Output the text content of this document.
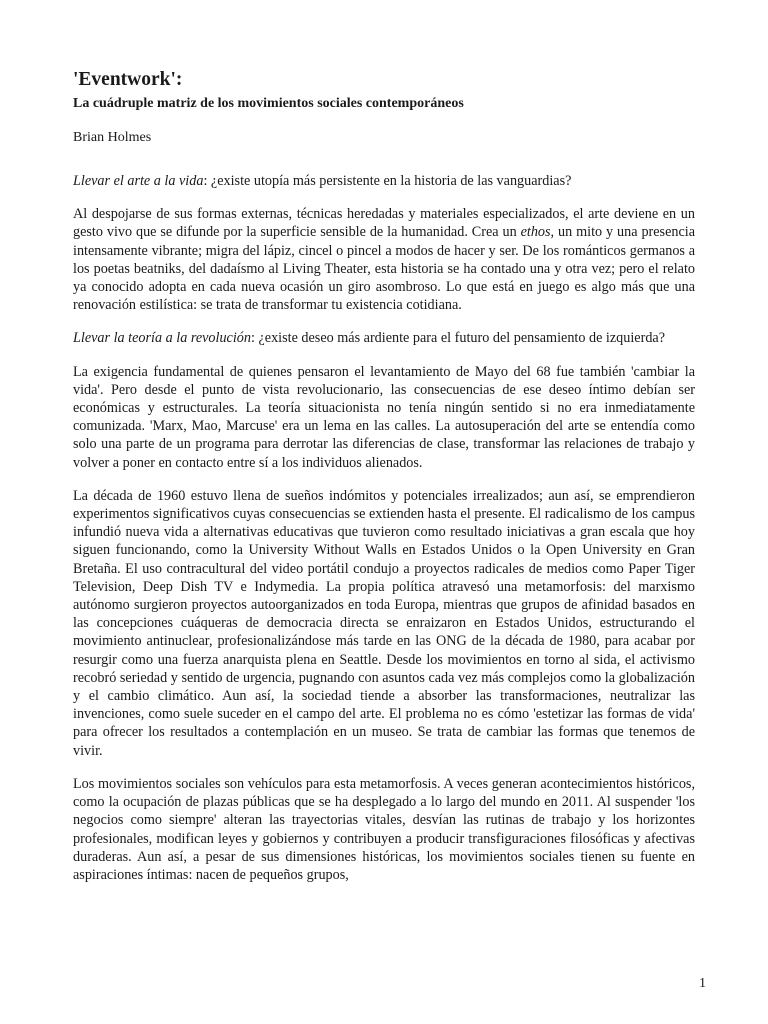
'Eventwork':
La cuádruple matriz de los movimientos sociales contemporáneos
Brian Holmes

Llevar el arte a la vida: ¿existe utopía más persistente en la historia de las vanguardias?

Al despojarse de sus formas externas, técnicas heredadas y materiales especializados, el arte deviene en un gesto vivo que se difunde por la superficie sensible de la humanidad. Crea un ethos, un mito y una presencia intensamente vibrante; migra del lápiz, cincel o pincel a modos de hacer y ser. De los románticos germanos a los poetas beatniks, del dadaísmo al Living Theater, esta historia se ha contado una y otra vez; pero el relato ya conocido adopta en cada nueva ocasión un giro asombroso. Lo que está en juego es algo más que una renovación estilística: se trata de transformar tu existencia cotidiana.

Llevar la teoría a la revolución: ¿existe deseo más ardiente para el futuro del pensamiento de izquierda?

La exigencia fundamental de quienes pensaron el levantamiento de Mayo del 68 fue también 'cambiar la vida'. Pero desde el punto de vista revolucionario, las consecuencias de ese deseo íntimo debían ser económicas y estructurales. La teoría situacionista no tenía ningún sentido si no era inmediatamente comunizada. 'Marx, Mao, Marcuse' era un lema en las calles. La autosuperación del arte se entendía como solo una parte de un programa para derrotar las diferencias de clase, transformar las relaciones de trabajo y volver a poner en contacto entre sí a los individuos alienados.

La década de 1960 estuvo llena de sueños indómitos y potenciales irrealizados; aun así, se emprendieron experimentos significativos cuyas consecuencias se extienden hasta el presente. El radicalismo de los campus infundió nueva vida a alternativas educativas que tuvieron como resultado iniciativas a gran escala que hoy siguen funcionando, como la University Without Walls en Estados Unidos o la Open University en Gran Bretaña. El uso contracultural del video portátil condujo a proyectos radicales de medios como Paper Tiger Television, Deep Dish TV e Indymedia. La propia política atravesó una metamorfosis: del marxismo autónomo surgieron proyectos autoorganizados en toda Europa, mientras que grupos de afinidad basados en las concepciones cuáqueras de democracia directa se enraizaron en Estados Unidos, estructurando el movimiento antinuclear, profesionalizándose más tarde en las ONG de la década de 1980, para acabar por resurgir como una fuerza anarquista plena en Seattle. Desde los movimientos en torno al sida, el activismo recobró seriedad y sentido de urgencia, pugnando con asuntos cada vez más complejos como la globalización y el cambio climático. Aun así, la sociedad tiende a absorber las transformaciones, neutralizar las invenciones, como suele suceder en el campo del arte. El problema no es cómo 'estetizar las formas de vida' para ofrecer los resultados a contemplación en un museo. Se trata de cambiar las formas que tenemos de vivir.

Los movimientos sociales son vehículos para esta metamorfosis. A veces generan acontecimientos históricos, como la ocupación de plazas públicas que se ha desplegado a lo largo del mundo en 2011. Al suspender 'los negocios como siempre' alteran las trayectorias vitales, desvían las rutinas de trabajo y los horizontes profesionales, modifican leyes y gobiernos y contribuyen a producir transfiguraciones filosóficas y afectivas duraderas. Aun así, a pesar de sus dimensiones históricas, los movimientos sociales tienen su fuente en aspiraciones íntimas: nacen de pequeños grupos,

1
